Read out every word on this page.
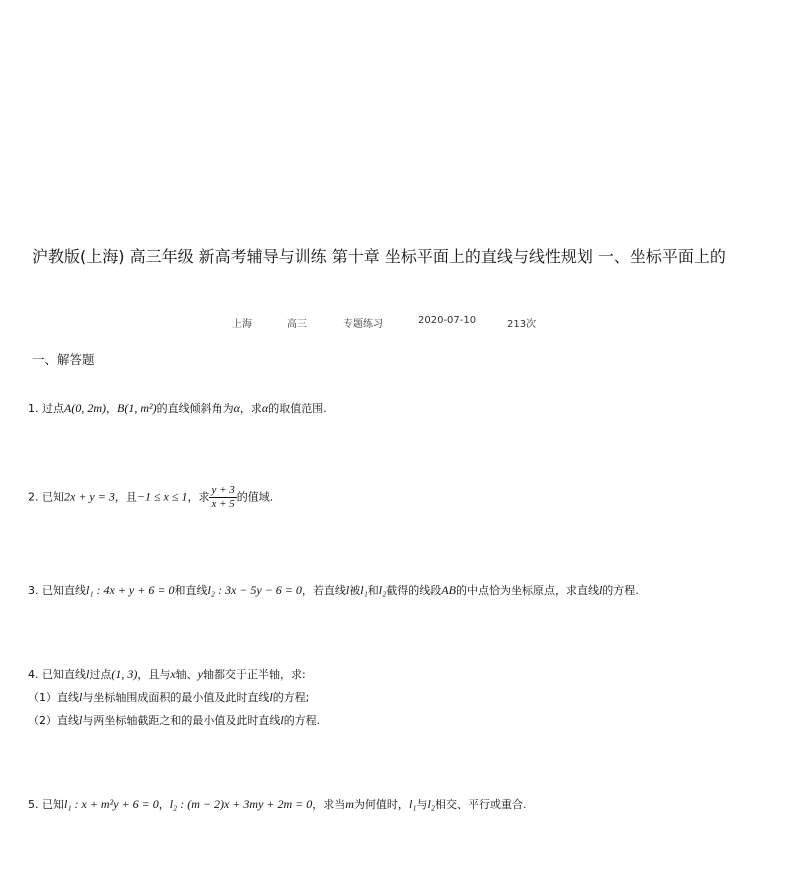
沪教版(上海) 高三年级 新高考辅导与训练 第十章 坐标平面上的直线与线性规划 一、坐标平面上的
上海	高三	专题练习	2020-07-10	213次
一、解答题
1. 过点A(0, 2m)，B(1, m²)的直线倾斜角为α，求α的取值范围.
2. 已知2x + y = 3，且−1 ≤ x ≤ 1，求 $\frac{y + 3}{x + 5}$ 的值域.
3. 已知直线l₁ : 4x + y + 6 = 0和直线l₂ : 3x − 5y − 6 = 0，若直线l被l₁和l₂截得的线段AB的中点恰为坐标原点，求直线l的方程.
4. 已知直线l过点(1, 3)，且与x轴、y轴都交于正半轴，求:
（1）直线l与坐标轴围成面积的最小值及此时直线l的方程;
（2）直线l与两坐标轴截距之和的最小值及此时直线l的方程.
5. 已知l₁ : x + m²y + 6 = 0，l₂ : (m − 2)x + 3my + 2m = 0，求当m为何值时，l₁与l₂相交、平行或重合.
